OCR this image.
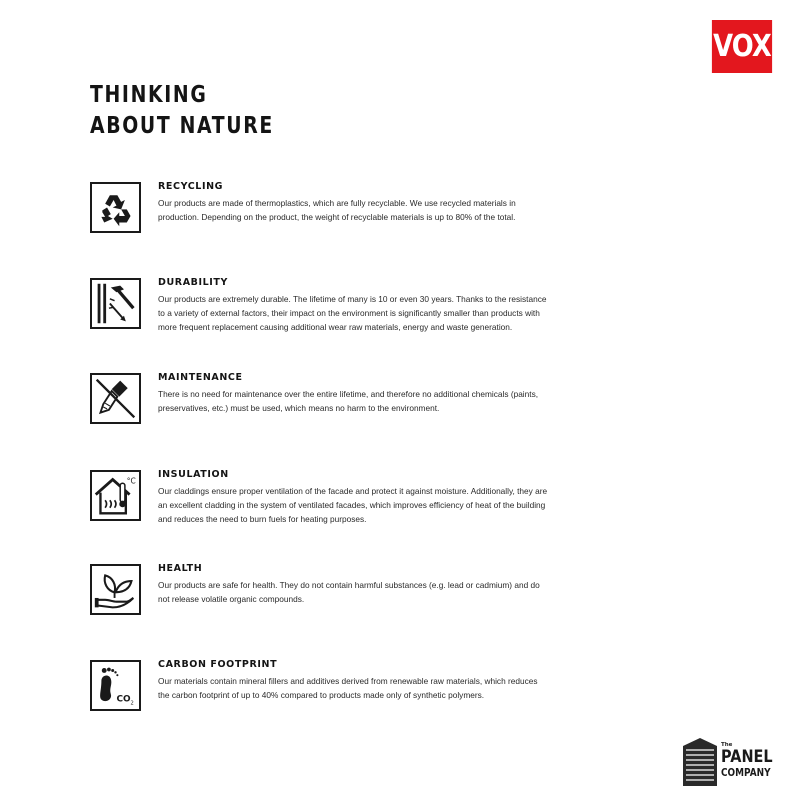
VOX
THINKING
ABOUT NATURE
RECYCLING

Our products are made of thermoplastics, which are fully recyclable. We use recycled materials in production. Depending on the product, the weight of recyclable materials is up to 80% of the total.

DURABILITY

Our products are extremely durable. The lifetime of many is 10 or even 30 years. Thanks to the resistance to a variety of external factors, their impact on the environment is significantly smaller than products with more frequent replacement causing additional wear raw materials, energy and waste generation.

MAINTENANCE

There is no need for maintenance over the entire lifetime, and therefore no additional chemicals (paints, preservatives, etc.) must be used, which means no harm to the environment.

°C
INSULATION

Our claddings ensure proper ventilation of the facade and protect it against moisture. Additionally, they are an excellent cladding in the system of ventilated facades, which improves efficiency of heat of the building and reduces the need to burn fuels for heating purposes.

HEALTH

Our products are safe for health. They do not contain harmful substances (e.g. lead or cadmium) and do not release volatile organic compounds.

CO 2
CARBON FOOTPRINT

Our materials contain mineral fillers and additives derived from renewable raw materials, which reduces the carbon footprint of up to 40% compared to products made only of synthetic polymers.

The
PANEL
COMPANY
